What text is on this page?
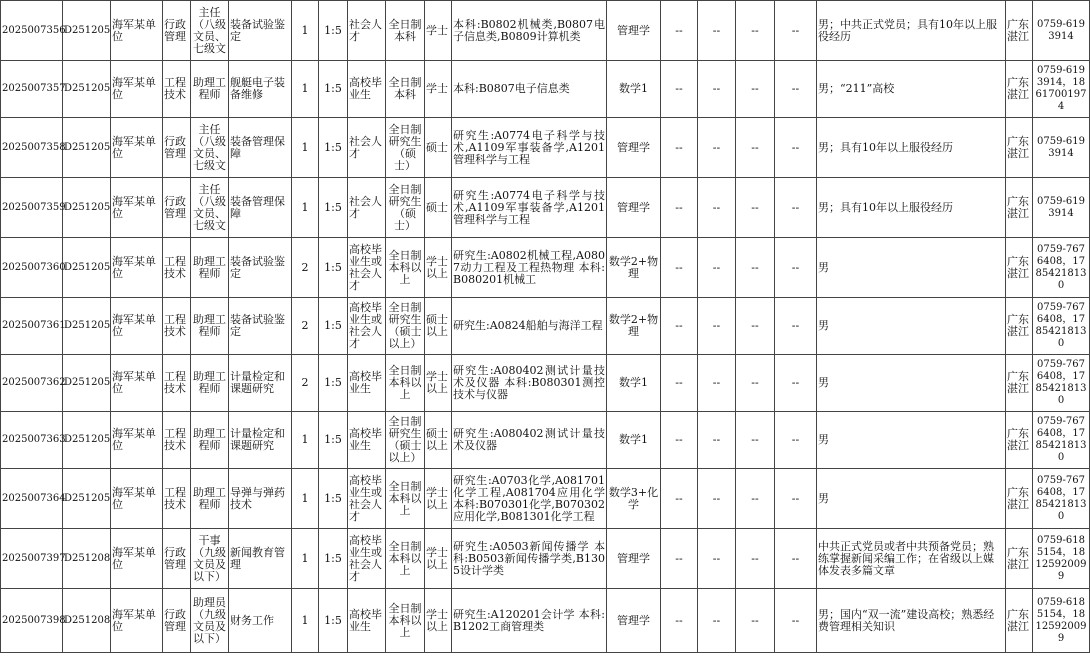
2025007356	D251205	海军某单位	行政管理	主任（八级文员、七级文	装备试验鉴定	1	1:5	社会人才	全日制本科	学士	本科:B0802机械类,B0807电子信息类,B0809计算机类	管理学	--	--	--	--	男；中共正式党员；具有10年以上服役经历	广东湛江	0759-6193914
2025007357	D251205	海军某单位	工程技术	助理工程师	舰艇电子装备维修	1	1:5	高校毕业生	全日制本科	学士	本科:B0807电子信息类	数学1	--	--	--	--	男；“211”高校	广东湛江	0759-6193914，18617001974
2025007358	D251205	海军某单位	行政管理	主任（八级文员、七级文	装备管理保障	1	1:5	社会人才	全日制研究生（硕士）	硕士	研究生:A0774电子科学与技术,A1109军事装备学,A1201管理科学与工程	管理学	--	--	--	--	男；具有10年以上服役经历	广东湛江	0759-6193914
2025007359	D251205	海军某单位	行政管理	主任（八级文员、七级文	装备管理保障	1	1:5	社会人才	全日制研究生（硕士）	硕士	研究生:A0774电子科学与技术,A1109军事装备学,A1201管理科学与工程	管理学	--	--	--	--	男；具有10年以上服役经历	广东湛江	0759-6193914
2025007360	D251205	海军某单位	工程技术	助理工程师	装备试验鉴定	2	1:5	高校毕业生或社会人才	全日制本科以上	学士以上	研究生:A0802机械工程,A0807动力工程及工程热物理 本科:B080201机械工	数学2+物理	--	--	--	--	男	广东湛江	0759-7676408，17854218130
2025007361	D251205	海军某单位	工程技术	助理工程师	装备试验鉴定	2	1:5	高校毕业生或社会人才	全日制研究生（硕士以上）	硕士以上	研究生:A0824船舶与海洋工程	数学2+物理	--	--	--	--	男	广东湛江	0759-7676408，17854218130
2025007362	D251205	海军某单位	工程技术	助理工程师	计量检定和课题研究	2	1:5	高校毕业生	全日制本科以上	学士以上	研究生:A080402测试计量技术及仪器 本科:B080301测控技术与仪器	数学1	--	--	--	--	男	广东湛江	0759-7676408，17854218130
2025007363	D251205	海军某单位	工程技术	助理工程师	计量检定和课题研究	1	1:5	高校毕业生	全日制研究生（硕士以上）	硕士以上	研究生:A080402测试计量技术及仪器	数学1	--	--	--	--	男	广东湛江	0759-7676408，17854218130
2025007364	D251205	海军某单位	工程技术	助理工程师	导弹与弹药技术	1	1:5	高校毕业生或社会人才	全日制本科以上	学士以上	研究生:A0703化学,A081701化学工程,A081704应用化学 本科:B070301化学,B070302应用化学,B081301化学工程	数学3+化学	--	--	--	--	男	广东湛江	0759-7676408，17854218130
2025007397	D251208	海军某单位	行政管理	干事（九级文员及以下）	新闻教育管理	1	1:5	高校毕业生或社会人才	全日制本科以上	学士以上	研究生:A0503新闻传播学 本科:B0503新闻传播学类,B1305设计学类	管理学	--	--	--	--	中共正式党员或者中共预备党员；熟练掌握新闻采编工作；在省级以上媒体发表多篇文章	广东湛江	0759-6185154，18125920099
2025007398	D251208	海军某单位	行政管理	助理员（九级文员及以下）	财务工作	1	1:5	高校毕业生	全日制本科以上	学士以上	研究生:A120201会计学 本科:B1202工商管理类	管理学	--	--	--	--	男；国内“双一流”建设高校；熟悉经费管理相关知识	广东湛江	0759-6185154，18125920099
